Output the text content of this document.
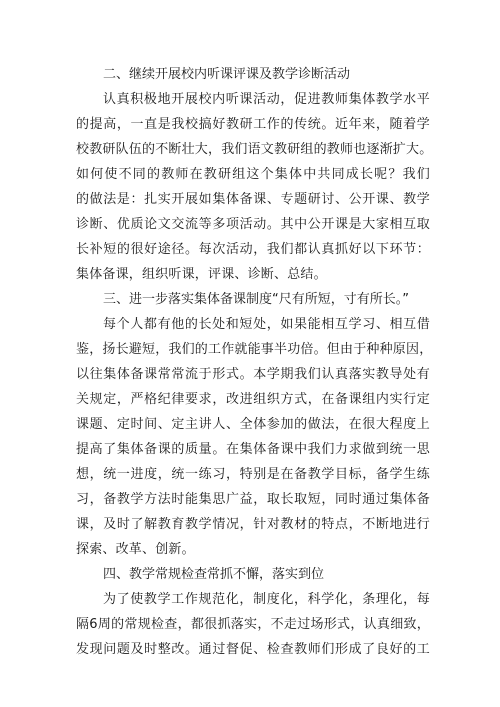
二、继续开展校内听课评课及教学诊断活动

认真积极地开展校内听课活动，促进教师集体教学水平

的提高，一直是我校搞好教研工作的传统。近年来，随着学

校教研队伍的不断壮大，我们语文教研组的教师也逐渐扩大。

如何使不同的教师在教研组这个集体中共同成长呢？我们

的做法是：扎实开展如集体备课、专题研讨、公开课、教学

诊断、优质论文交流等多项活动。其中公开课是大家相互取

长补短的很好途径。每次活动，我们都认真抓好以下环节：

集体备课，组织听课，评课、诊断、总结。

三、进一步落实集体备课制度“尺有所短，寸有所长。”

每个人都有他的长处和短处，如果能相互学习、相互借

鉴，扬长避短，我们的工作就能事半功倍。但由于种种原因，

以往集体备课常常流于形式。本学期我们认真落实教导处有

关规定，严格纪律要求，改进组织方式，在备课组内实行定

课题、定时间、定主讲人、全体参加的做法，在很大程度上

提高了集体备课的质量。在集体备课中我们力求做到统一思

想，统一进度，统一练习，特别是在备教学目标，备学生练

习，备教学方法时能集思广益，取长取短，同时通过集体备

课，及时了解教育教学情况，针对教材的特点，不断地进行

探索、改革、创新。

四、教学常规检查常抓不懈，落实到位

为了使教学工作规范化，制度化，科学化，条理化，每

隔6周的常规检查，都很抓落实，不走过场形式，认真细致，

发现问题及时整改。通过督促、检查教师们形成了良好的工
